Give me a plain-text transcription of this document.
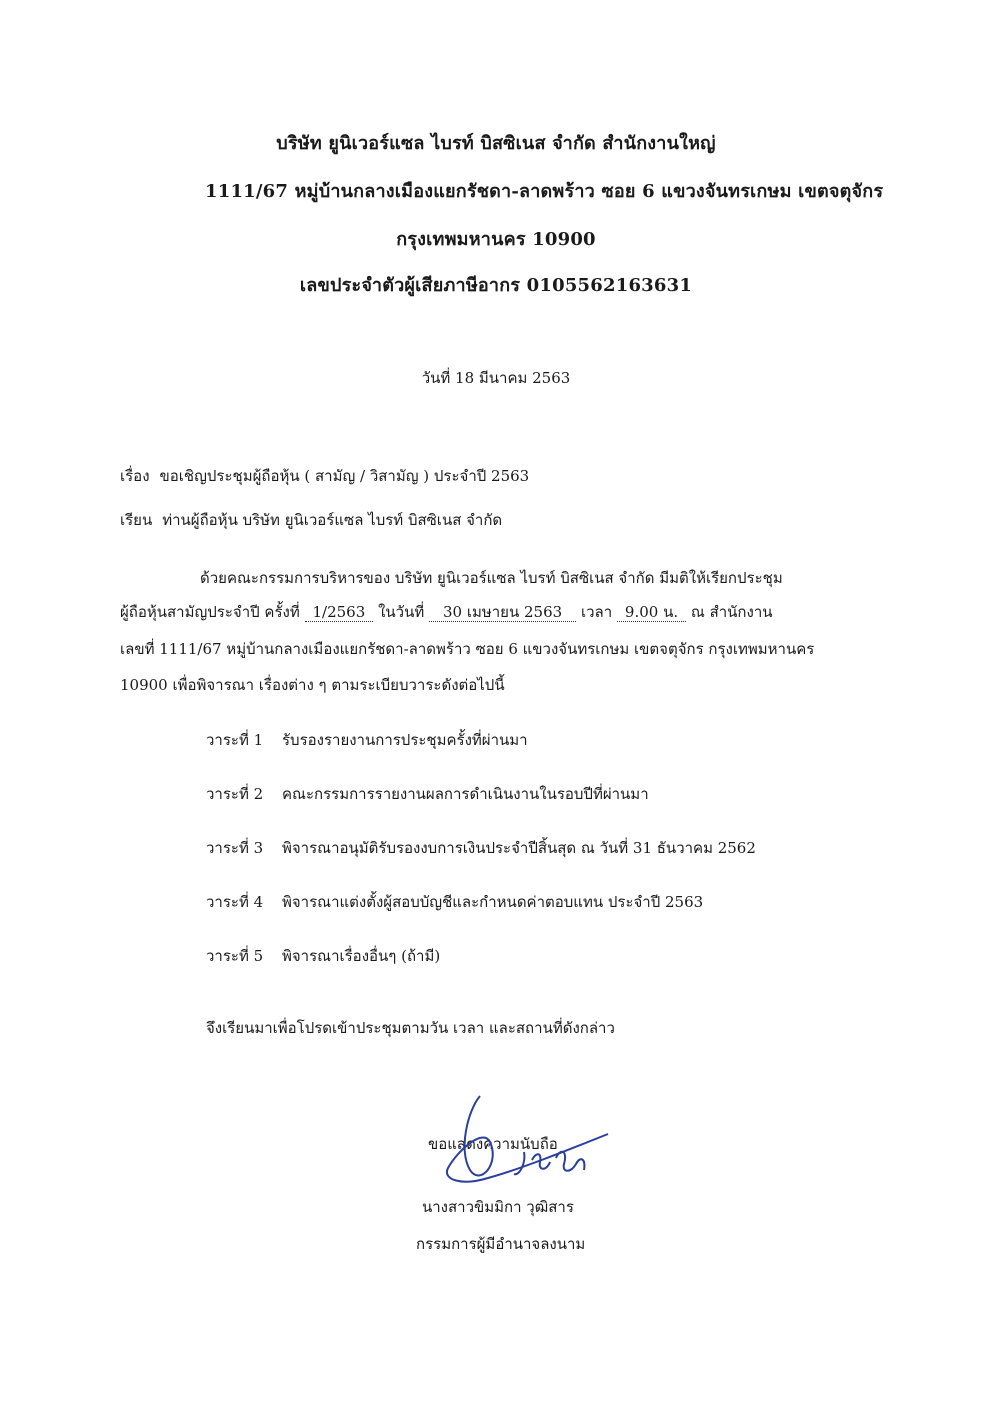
บริษัท ยูนิเวอร์แซล ไบรท์ บิสซิเนส จำกัด สำนักงานใหญ่
1111/67 หมู่บ้านกลางเมืองแยกรัชดา-ลาดพร้าว ซอย 6 แขวงจันทรเกษม เขตจตุจักร
กรุงเทพมหานคร 10900
เลขประจำตัวผู้เสียภาษีอากร 0105562163631
วันที่ 18 มีนาคม 2563
เรื่อง ขอเชิญประชุมผู้ถือหุ้น ( สามัญ / วิสามัญ ) ประจำปี 2563
เรียน ท่านผู้ถือหุ้น บริษัท ยูนิเวอร์แซล ไบรท์ บิสซิเนส จำกัด
ด้วยคณะกรรมการบริหารของ บริษัท ยูนิเวอร์แซล ไบรท์ บิสซิเนส จำกัด มีมติให้เรียกประชุม
ผู้ถือหุ้นสามัญประจำปี ครั้งที่ 1/2563 ในวันที่ 30 เมษายน 2563 เวลา 9.00 น. ณ สำนักงาน
เลขที่ 1111/67 หมู่บ้านกลางเมืองแยกรัชดา-ลาดพร้าว ซอย 6 แขวงจันทรเกษม เขตจตุจักร กรุงเทพมหานคร
10900 เพื่อพิจารณา เรื่องต่าง ๆ ตามระเบียบวาระดังต่อไปนี้
วาระที่ 1 รับรองรายงานการประชุมครั้งที่ผ่านมา
วาระที่ 2 คณะกรรมการรายงานผลการดำเนินงานในรอบปีที่ผ่านมา
วาระที่ 3 พิจารณาอนุมัติรับรองงบการเงินประจำปีสิ้นสุด ณ วันที่ 31 ธันวาคม 2562
วาระที่ 4 พิจารณาแต่งตั้งผู้สอบบัญชีและกำหนดค่าตอบแทน ประจำปี 2563
วาระที่ 5 พิจารณาเรื่องอื่นๆ (ถ้ามี)
จึงเรียนมาเพื่อโปรดเข้าประชุมตามวัน เวลา และสถานที่ดังกล่าว
ขอแสดงความนับถือ
นางสาวขิมมิกา วุฒิสาร
กรรมการผู้มีอำนาจลงนาม
